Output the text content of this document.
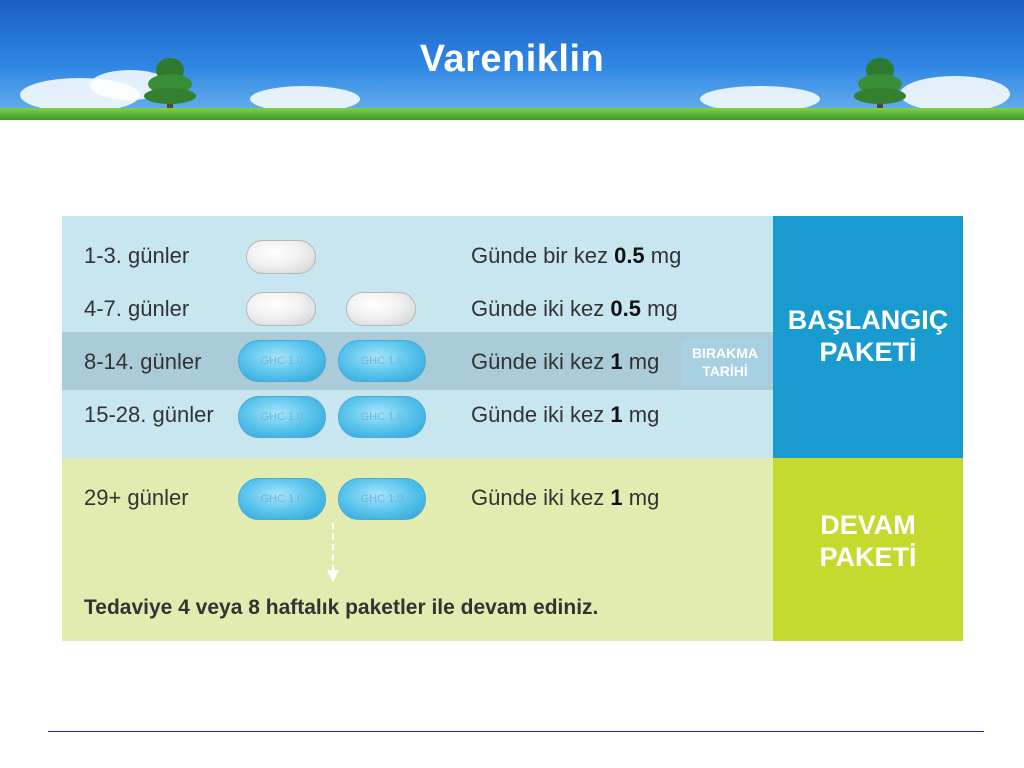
Vareniklin
1-3. günler	Günde bir kez 0.5 mg
4-7. günler	Günde iki kez 0.5 mg
8-14. günler	GHC 1.0	GHC 1.0	Günde iki kez 1 mg	BIRAKMA
TARİHİ
15-28. günler	GHC 1.0	GHC 1.0	Günde iki kez 1 mg
29+ günler	GHC 1.0	GHC 1.0	Günde iki kez 1 mg
Tedaviye 4 veya 8 haftalık paketler ile devam ediniz.
BAŞLANGIÇ
PAKETİ
DEVAM
PAKETİ
